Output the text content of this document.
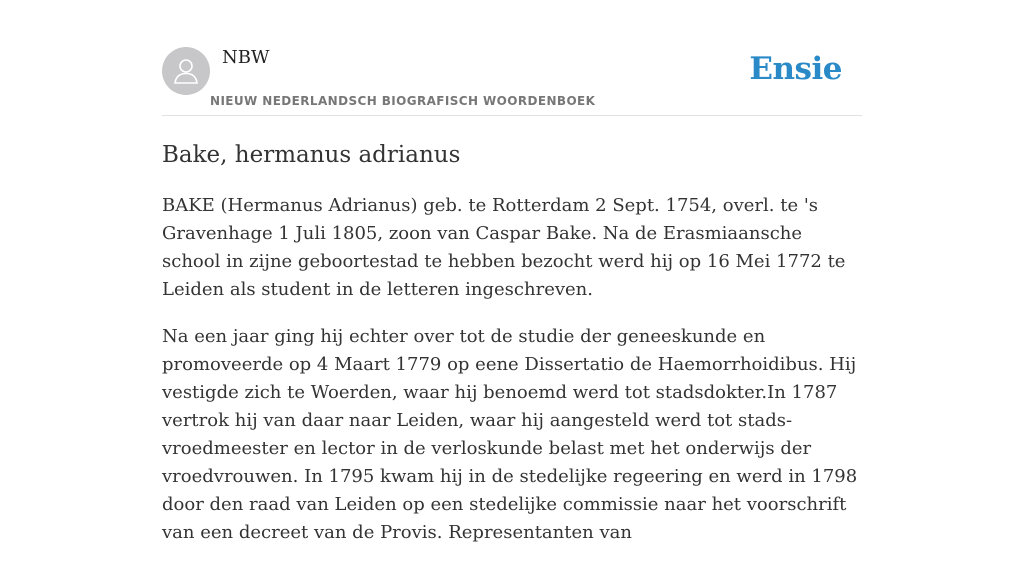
NBW
NIEUW NEDERLANDSCH BIOGRAFISCH WOORDENBOEK
Ensie
Bake, hermanus adrianus

BAKE (Hermanus Adrianus) geb. te Rotterdam 2 Sept. 1754, overl. te 's Gravenhage 1 Juli 1805, zoon van Caspar Bake. Na de Erasmiaansche school in zijne geboortestad te hebben bezocht werd hij op 16 Mei 1772 te Leiden als student in de letteren ingeschreven.

Na een jaar ging hij echter over tot de studie der geneeskunde en promoveerde op 4 Maart 1779 op eene Dissertatio de Haemorrhoidibus. Hij vestigde zich te Woerden, waar hij benoemd werd tot stadsdokter.In 1787 vertrok hij van daar naar Leiden, waar hij aangesteld werd tot stads-vroedmeester en lector in de verloskunde belast met het onderwijs der vroedvrouwen. In 1795 kwam hij in de stedelijke regeering en werd in 1798 door den raad van Leiden op een stedelijke commissie naar het voorschrift van een decreet van de Provis. Representanten van
